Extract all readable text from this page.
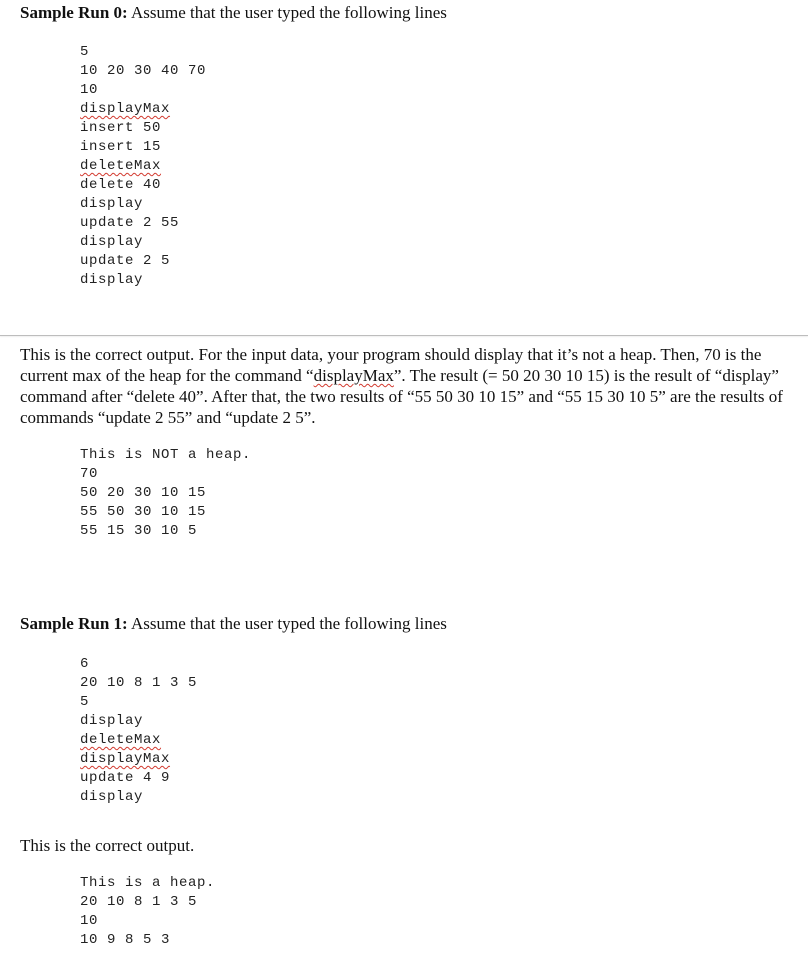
Sample Run 0: Assume that the user typed the following lines
5
10 20 30 40 70
10
displayMax
insert 50
insert 15
deleteMax
delete 40
display
update 2 55
display
update 2 5
display
This is the correct output. For the input data, your program should display that it’s not a heap. Then, 70 is the current max of the heap for the command “displayMax”. The result (= 50 20 30 10 15) is the result of “display” command after “delete 40”. After that, the two results of “55 50 30 10 15” and “55 15 30 10 5” are the results of commands “update 2 55” and “update 2 5”.
This is NOT a heap.
70
50 20 30 10 15
55 50 30 10 15
55 15 30 10 5
Sample Run 1: Assume that the user typed the following lines
6
20 10 8 1 3 5
5
display
deleteMax
displayMax
update 4 9
display
This is the correct output.
This is a heap.
20 10 8 1 3 5
10
10 9 8 5 3
